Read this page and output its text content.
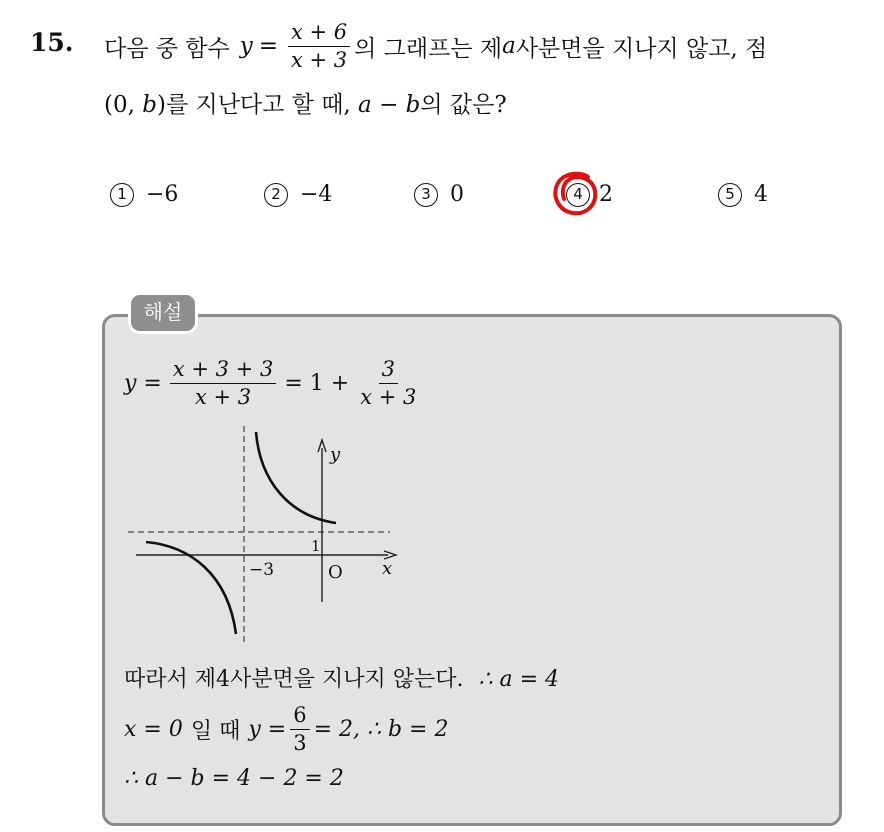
15. 다음 중 함수 $y = \frac{x + 6}{x + 3}$ 의 그래프는 제 a 사분면을 지나지 않고, 점
(0, b)를 지난다고 할 때, a − b의 값은?
1 −6	2 −4	3 0	4 2	5 4
해설
$y = \frac{x + 3 + 3}{x + 3} = 1 + \frac{3}{x + 3}$
y
x
O
−3
1
따라서 제4사분면을 지나지 않는다. ∴ a = 4
x = 0 일 때 $y = \frac{6}{3} = 2$, ∴ b = 2
∴ a − b = 4 − 2 = 2
